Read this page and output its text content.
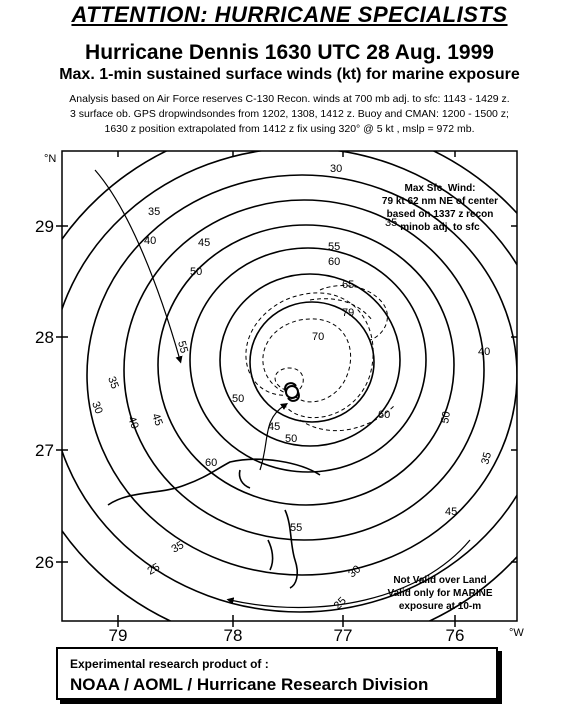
ATTENTION: HURRICANE SPECIALISTS
Hurricane Dennis 1630 UTC 28 Aug. 1999
Max. 1-min sustained surface winds (kt) for marine exposure
Analysis based on Air Force reserves C-130 Recon. winds at 700 mb adj. to sfc: 1143 - 1429 z.
3 surface ob. GPS dropwindsondes from 1202, 1308, 1412 z. Buoy and CMAN: 1200 - 1500 z;
1630 z position extrapolated from 1412 z fix using 320° @ 5 kt , mslp = 972 mb.
Max Sfc. Wind:
79 kt 62 nm NE of center
based on 1337 z recon
minob adj. to sfc
Not Valid over Land
Valid only for MARINE
exposure at 10-m
30
35
40 45
55
30
35
35
40	45
50
55
60
65
70
79
50
50
45
60
60	50
40
35
35
25	30
25
55
45
29
28
27
26
°N
79	78	77	76	°W
Experimental research product of :
NOAA / AOML / Hurricane Research Division
